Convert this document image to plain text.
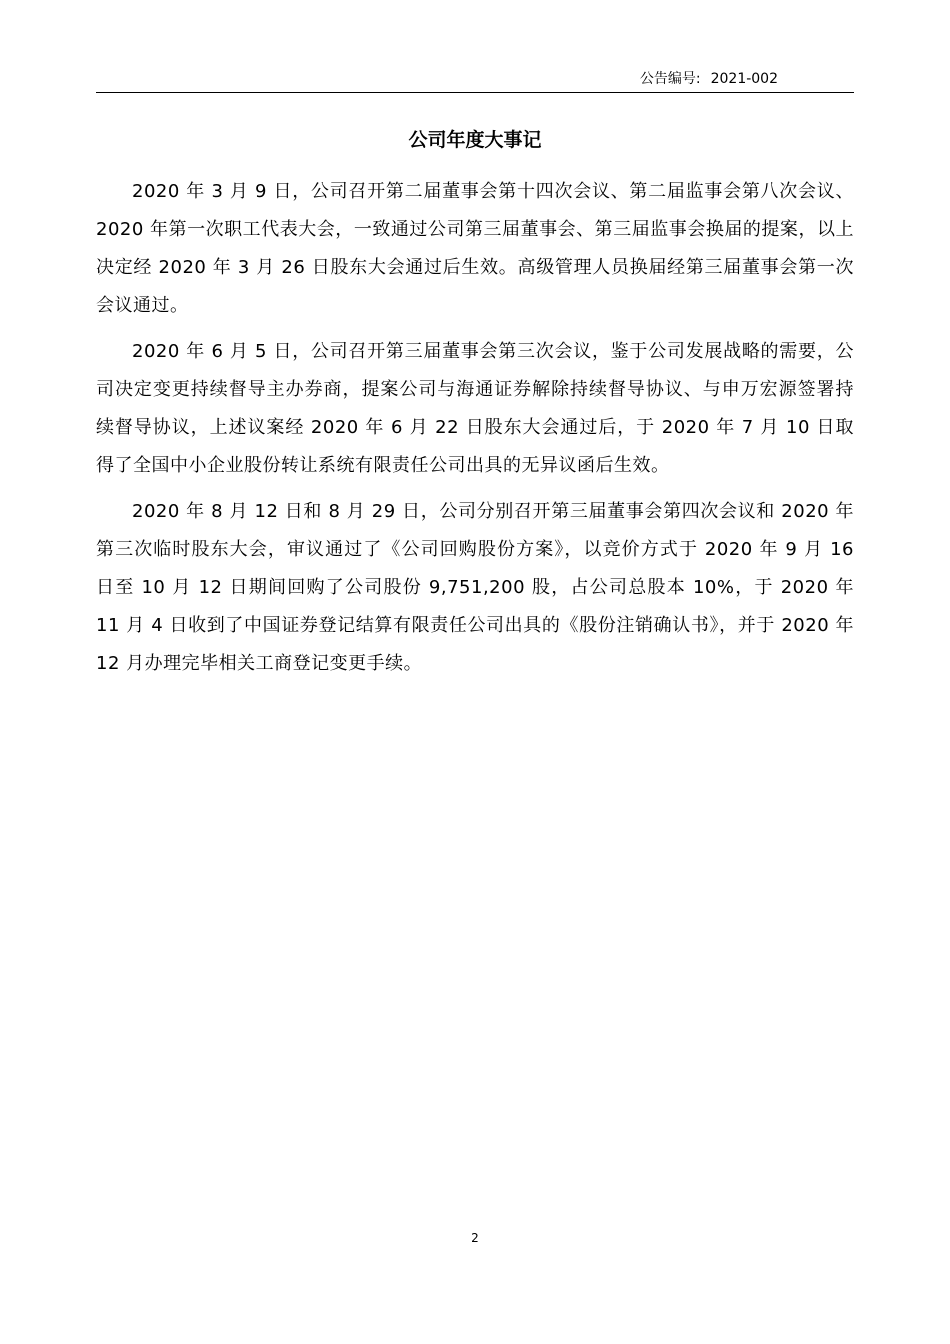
公告编号: 2021-002
公司年度大事记

2020 年 3 月 9 日，公司召开第二届董事会第十四次会议、第二届监事会第八次会议、2020 年第一次职工代表大会，一致通过公司第三届董事会、第三届监事会换届的提案，以上决定经 2020 年 3 月 26 日股东大会通过后生效。高级管理人员换届经第三届董事会第一次会议通过。

2020 年 6 月 5 日，公司召开第三届董事会第三次会议，鉴于公司发展战略的需要，公司决定变更持续督导主办券商，提案公司与海通证券解除持续督导协议、与申万宏源签署持续督导协议，上述议案经 2020 年 6 月 22 日股东大会通过后，于 2020 年 7 月 10 日取得了全国中小企业股份转让系统有限责任公司出具的无异议函后生效。

2020 年 8 月 12 日和 8 月 29 日，公司分别召开第三届董事会第四次会议和 2020 年第三次临时股东大会，审议通过了《公司回购股份方案》，以竞价方式于 2020 年 9 月 16 日至 10 月 12 日期间回购了公司股份 9,751,200 股，占公司总股本 10%，于 2020 年 11 月 4 日收到了中国证券登记结算有限责任公司出具的《股份注销确认书》，并于 2020 年 12 月办理完毕相关工商登记变更手续。

2
